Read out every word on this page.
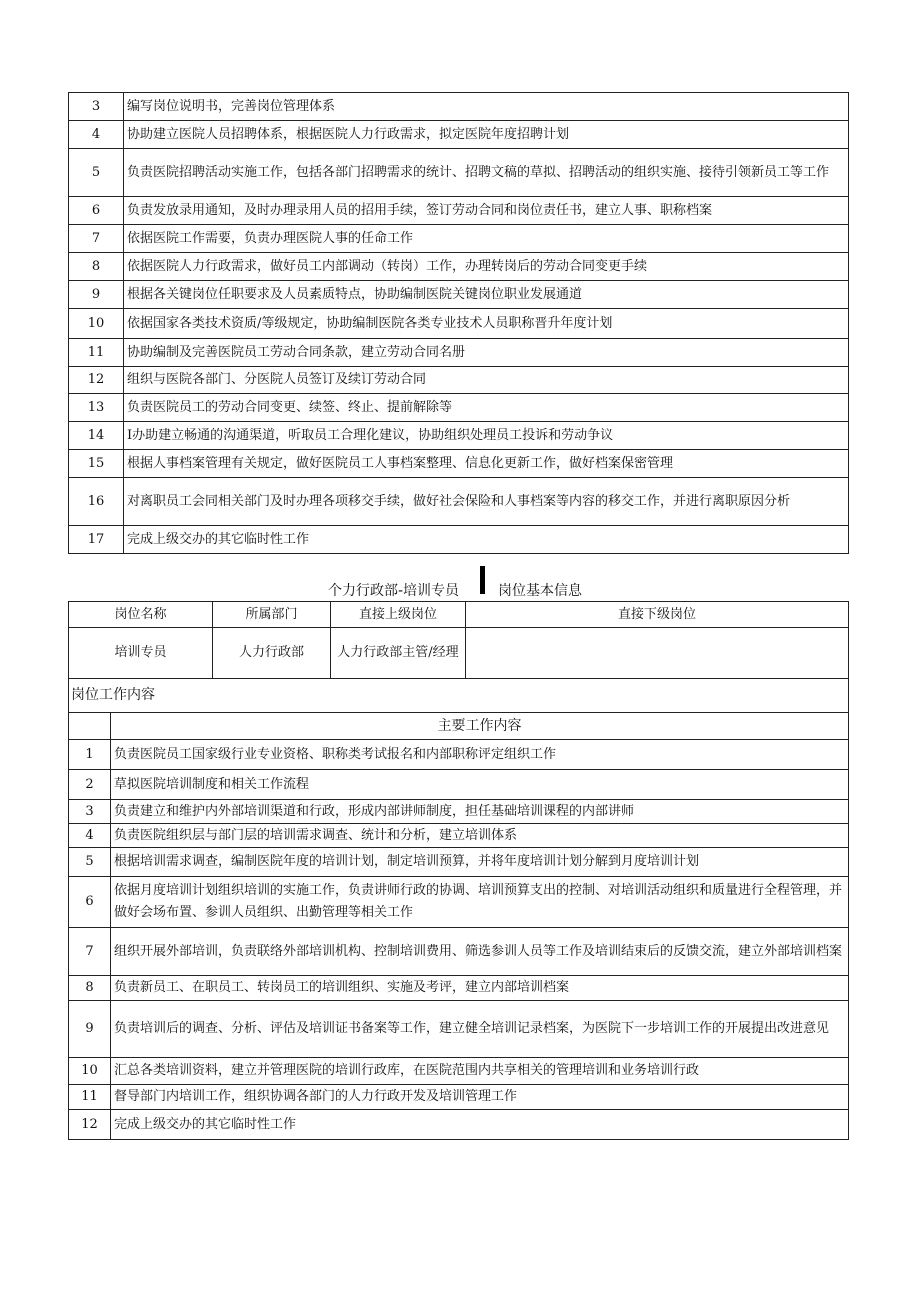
3	编写岗位说明书，完善岗位管理体系
4	协助建立医院人员招聘体系，根据医院人力行政需求，拟定医院年度招聘计划
5	负责医院招聘活动实施工作，包括各部门招聘需求的统计、招聘文稿的草拟、招聘活动的组织实施、接待引领新员工等工作
6	负责发放录用通知，及时办理录用人员的招用手续，签订劳动合同和岗位责任书，建立人事、职称档案
7	依据医院工作需要，负责办理医院人事的任命工作
8	依据医院人力行政需求，做好员工内部调动（转岗）工作，办理转岗后的劳动合同变更手续
9	根据各关键岗位任职要求及人员素质特点，协助编制医院关键岗位职业发展通道
10	依据国家各类技术资质/等级规定，协助编制医院各类专业技术人员职称晋升年度计划
11	协助编制及完善医院员工劳动合同条款，建立劳动合同名册
12	组织与医院各部门、分医院人员签订及续订劳动合同
13	负责医院员工的劳动合同变更、续签、终止、提前解除等
14	I办助建立畅通的沟通渠道，听取员工合理化建议，协助组织处理员工投诉和劳动争议
15	根据人事档案管理有关规定，做好医院员工人事档案整理、信息化更新工作，做好档案保密管理
16	对离职员工会同相关部门及时办理各项移交手续，做好社会保险和人事档案等内容的移交工作，并进行离职原因分析
17	完成上级交办的其它临时性工作
个力行政部-培训专员	岗位基本信息
岗位名称	所属部门	直接上级岗位	直接下级岗位
培训专员	人力行政部	人力行政部主管/经理	
岗位工作内容
	主要工作内容
1	负责医院员工国家级行业专业资格、职称类考试报名和内部职称评定组织工作
2	草拟医院培训制度和相关工作流程
3	负责建立和维护内外部培训渠道和行政，形成内部讲师制度，担任基础培训课程的内部讲师
4	负责医院组织层与部门层的培训需求调查、统计和分析，建立培训体系
5	根据培训需求调查，编制医院年度的培训计划，制定培训预算，并将年度培训计划分解到月度培训计划
6	依据月度培训计划组织培训的实施工作，负责讲师行政的协调、培训预算支出的控制、对培训活动组织和质量进行全程管理，并做好会场布置、参训人员组织、出勤管理等相关工作
7	组织开展外部培训，负责联络外部培训机构、控制培训费用、筛选参训人员等工作及培训结束后的反馈交流，建立外部培训档案
8	负责新员工、在职员工、转岗员工的培训组织、实施及考评，建立内部培训档案
9	负责培训后的调查、分析、评估及培训证书备案等工作，建立健全培训记录档案，为医院下一步培训工作的开展提出改进意见
10	汇总各类培训资料，建立并管理医院的培训行政库，在医院范围内共享相关的管理培训和业务培训行政
11	督导部门内培训工作，组织协调各部门的人力行政开发及培训管理工作
12	完成上级交办的其它临时性工作
